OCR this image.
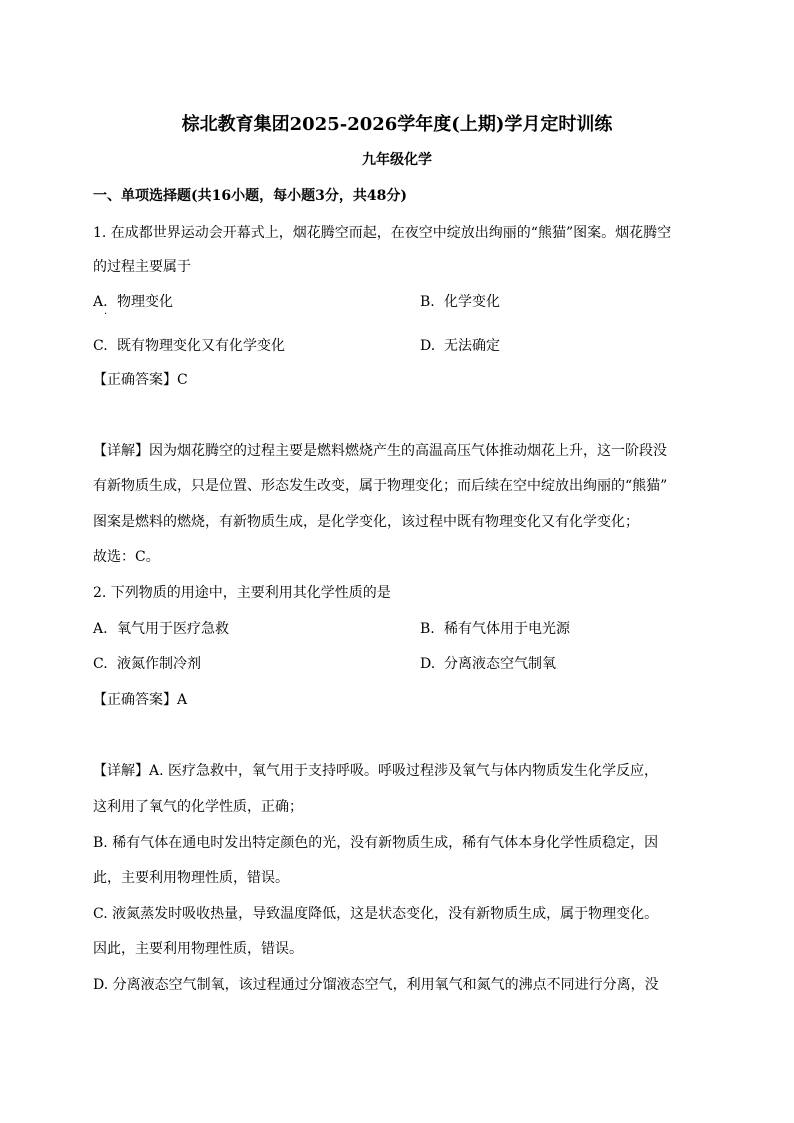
棕北教育集团2025-2026学年度(上期)学月定时训练
九年级化学
一、单项选择题(共16小题，每小题3分，共48分)
1. 在成都世界运动会开幕式上，烟花腾空而起，在夜空中绽放出绚丽的“熊猫”图案。烟花腾空
的过程主要属于
A. 物理变化	B. 化学变化
·
C. 既有物理变化又有化学变化	D. 无法确定
【正确答案】C
【详解】因为烟花腾空的过程主要是燃料燃烧产生的高温高压气体推动烟花上升，这一阶段没
有新物质生成，只是位置、形态发生改变，属于物理变化；而后续在空中绽放出绚丽的“熊猫”
图案是燃料的燃烧，有新物质生成，是化学变化，该过程中既有物理变化又有化学变化；
故选：C。
2. 下列物质的用途中，主要利用其化学性质的是
A. 氧气用于医疗急救	B. 稀有气体用于电光源
C. 液氮作制冷剂	D. 分离液态空气制氧
【正确答案】A
【详解】A. 医疗急救中，氧气用于支持呼吸。呼吸过程涉及氧气与体内物质发生化学反应，
这利用了氧气的化学性质，正确；
B. 稀有气体在通电时发出特定颜色的光，没有新物质生成，稀有气体本身化学性质稳定，因
此，主要利用物理性质，错误。
C. 液氮蒸发时吸收热量，导致温度降低，这是状态变化，没有新物质生成，属于物理变化。
因此，主要利用物理性质，错误。
D. 分离液态空气制氧，该过程通过分馏液态空气，利用氧气和氮气的沸点不同进行分离，没
